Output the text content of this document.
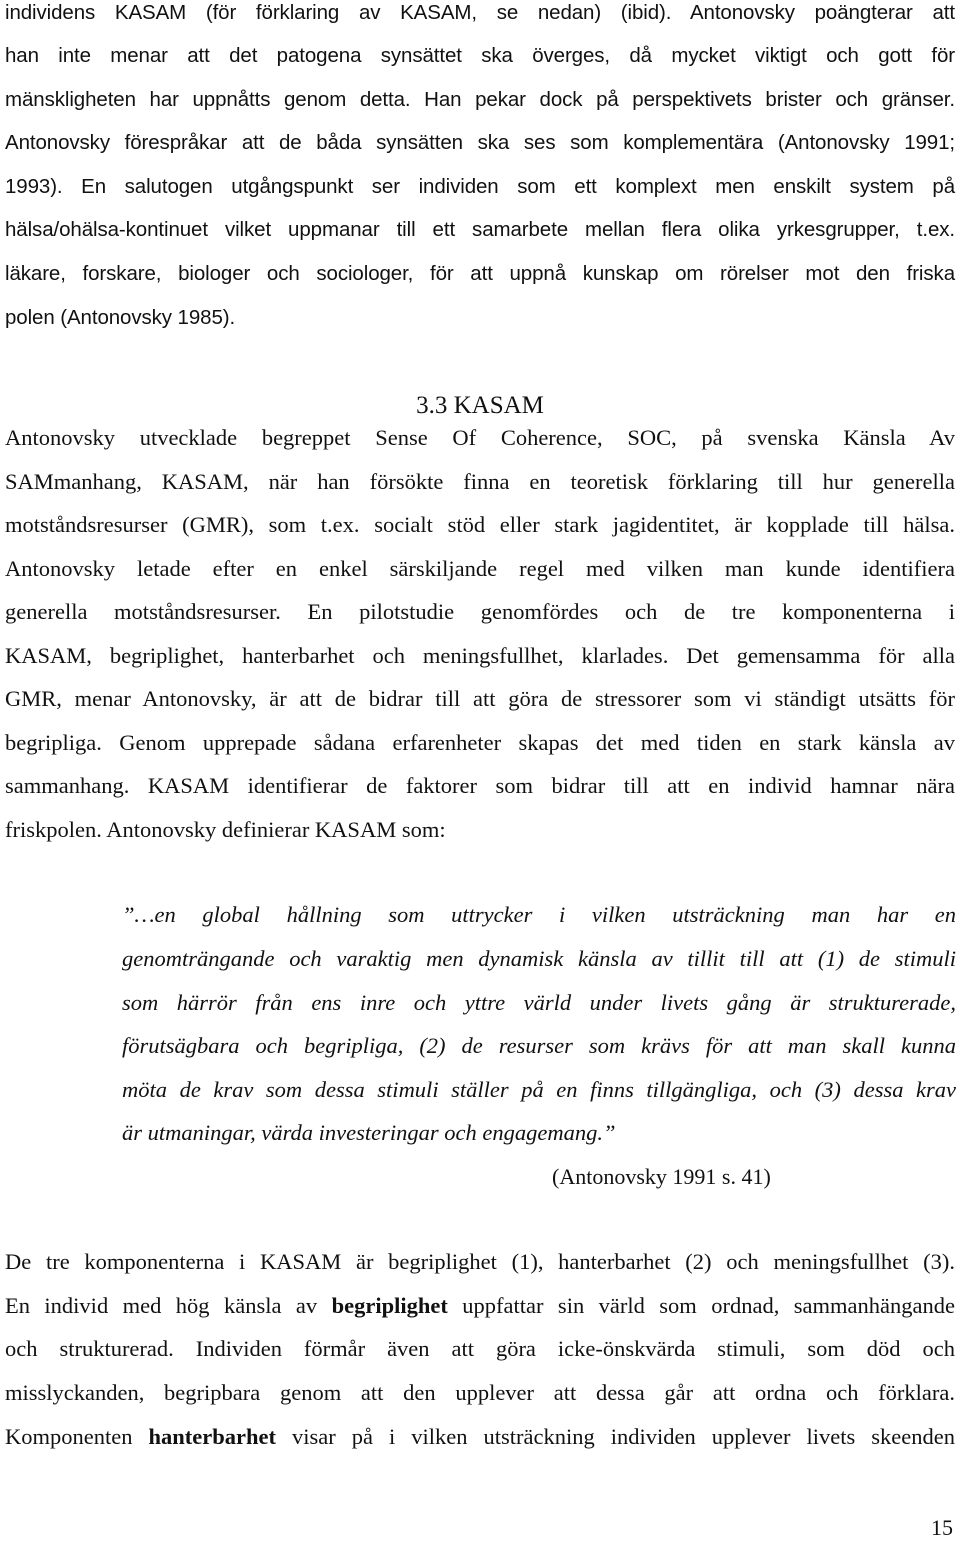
individens KASAM (för förklaring av KASAM, se nedan) (ibid). Antonovsky poängterar att
han inte menar att det patogena synsättet ska överges, då mycket viktigt och gott för
mänskligheten har uppnåtts genom detta. Han pekar dock på perspektivets brister och gränser.
Antonovsky förespråkar att de båda synsätten ska ses som komplementära (Antonovsky 1991;
1993). En salutogen utgångspunkt ser individen som ett komplext men enskilt system på
hälsa/ohälsa-kontinuet vilket uppmanar till ett samarbete mellan flera olika yrkesgrupper, t.ex.
läkare, forskare, biologer och sociologer, för att uppnå kunskap om rörelser mot den friska
polen (Antonovsky 1985).
3.3 KASAM
Antonovsky utvecklade begreppet Sense Of Coherence, SOC, på svenska Känsla Av
SAMmanhang, KASAM, när han försökte finna en teoretisk förklaring till hur generella
motståndsresurser (GMR), som t.ex. socialt stöd eller stark jagidentitet, är kopplade till hälsa.
Antonovsky letade efter en enkel särskiljande regel med vilken man kunde identifiera
generella motståndsresurser. En pilotstudie genomfördes och de tre komponenterna i
KASAM, begriplighet, hanterbarhet och meningsfullhet, klarlades. Det gemensamma för alla
GMR, menar Antonovsky, är att de bidrar till att göra de stressorer som vi ständigt utsätts för
begripliga. Genom upprepade sådana erfarenheter skapas det med tiden en stark känsla av
sammanhang. KASAM identifierar de faktorer som bidrar till att en individ hamnar nära
friskpolen. Antonovsky definierar KASAM som:
”…en global hållning som uttrycker i vilken utsträckning man har en
genomträngande och varaktig men dynamisk känsla av tillit till att (1) de stimuli
som härrör från ens inre och yttre värld under livets gång är strukturerade,
förutsägbara och begripliga, (2) de resurser som krävs för att man skall kunna
möta de krav som dessa stimuli ställer på en finns tillgängliga, och (3) dessa krav
är utmaningar, värda investeringar och engagemang.”
(Antonovsky 1991 s. 41)
De tre komponenterna i KASAM är begriplighet (1), hanterbarhet (2) och meningsfullhet (3).
En individ med hög känsla av begriplighet uppfattar sin värld som ordnad, sammanhängande
och strukturerad. Individen förmår även att göra icke-önskvärda stimuli, som död och
misslyckanden, begripbara genom att den upplever att dessa går att ordna och förklara.
Komponenten hanterbarhet visar på i vilken utsträckning individen upplever livets skeenden
15
